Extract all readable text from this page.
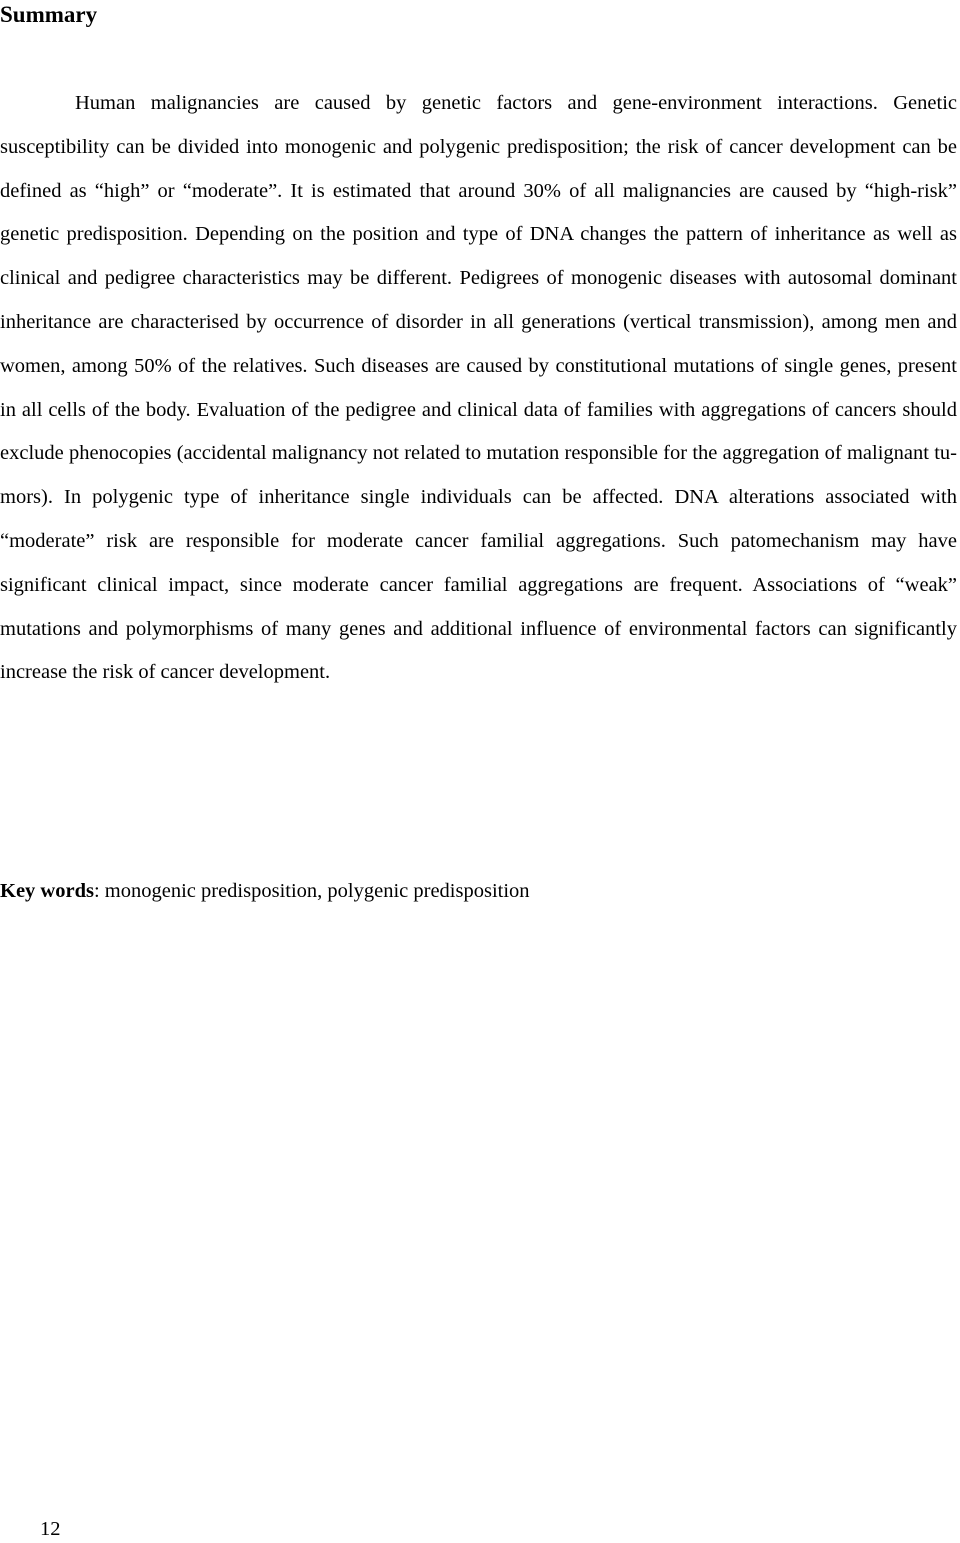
Summary

Human malignancies are caused by genetic factors and gene-environment interactions. Genetic susceptibility can be divided into monogenic and polygenic predisposition; the risk of cancer development can be defined as “high” or “moderate”. It is estimated that around 30% of all malignancies are caused by “high-risk” genetic predisposition. Depending on the position and type of DNA changes the pattern of inheritance as well as clinical and pedigree characteristics may be different. Pedigrees of monogenic diseases with autosomal dominant inheritance are characterised by occurrence of disorder in all generations (vertical transmission), among men and women, among 50% of the relatives. Such diseases are caused by constitutional mutations of single genes, present in all cells of the body. Evaluation of the pedigree and clinical data of families with aggregations of cancers should exclude phenocopies (accidental malignancy not related to mutation responsible for the aggregation of malignant tumors). In polygenic type of inheritance single individuals can be affected. DNA alterations associated with “moderate” risk are responsible for moderate cancer familial aggregations. Such patomechanism may have significant clinical impact, since moderate cancer familial aggregations are frequent. Associations of “weak” mutations and polymorphisms of many genes and additional influence of environmental factors can significantly increase the risk of cancer development.

Key words: monogenic predisposition, polygenic predisposition

12
